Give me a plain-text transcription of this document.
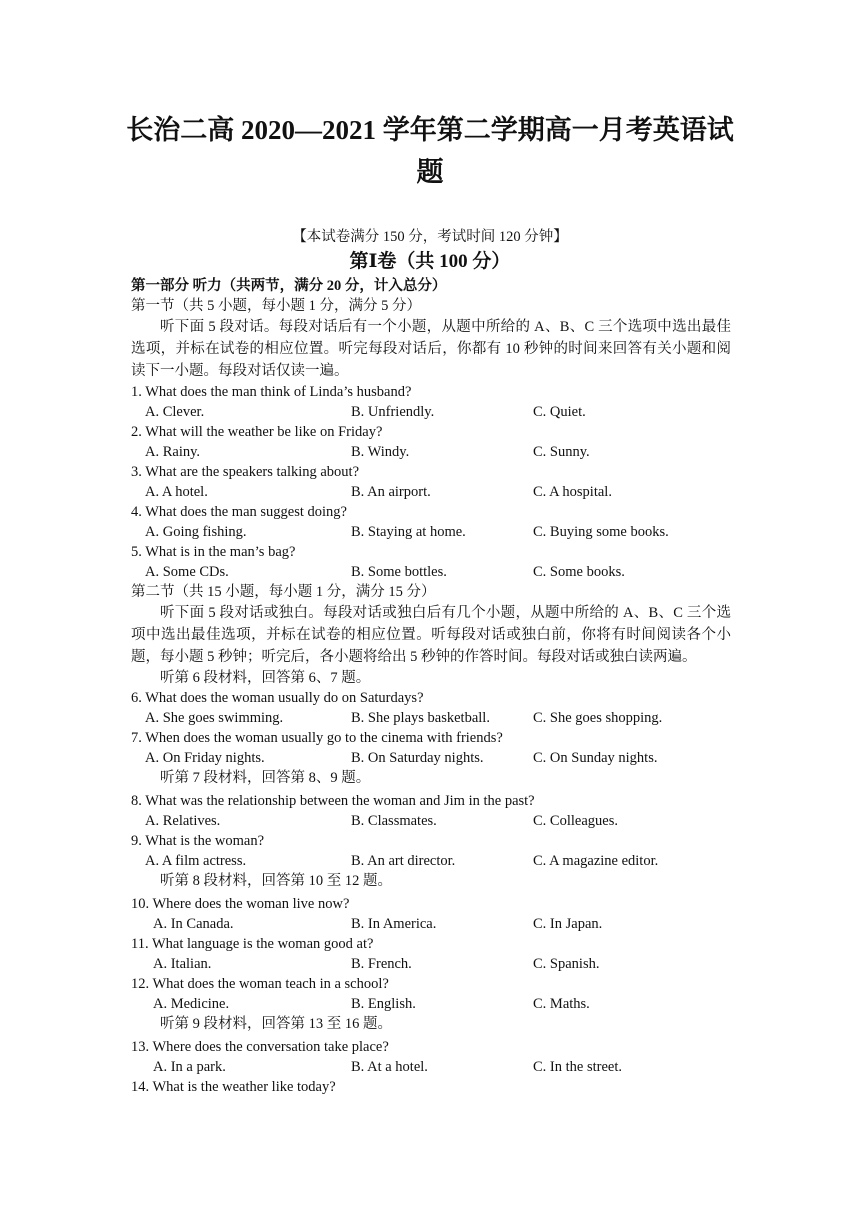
长治二高 2020—2021 学年第二学期高一月考英语试
题
【本试卷满分 150 分，考试时间 120 分钟】
第Ⅰ卷（共 100 分）
第一部分 听力（共两节，满分 20 分，计入总分）
第一节（共 5 小题，每小题 1 分，满分 5 分）

听下面 5 段对话。每段对话后有一个小题，从题中所给的 A、B、C 三个选项中选出最佳选项，并标在试卷的相应位置。听完每段对话后，你都有 10 秒钟的时间来回答有关小题和阅读下一小题。每段对话仅读一遍。

1. What does the man think of Linda’s husband?
A. Clever.	B. Unfriendly.	C. Quiet.
2. What will the weather be like on Friday?
A. Rainy.	B. Windy.	C. Sunny.
3. What are the speakers talking about?
A. A hotel.	B. An airport.	C. A hospital.
4. What does the man suggest doing?
A. Going fishing.	B. Staying at home.	C. Buying some books.
5. What is in the man’s bag?
A. Some CDs.	B. Some bottles.	C. Some books.
第二节（共 15 小题，每小题 1 分，满分 15 分）

听下面 5 段对话或独白。每段对话或独白后有几个小题，从题中所给的 A、B、C 三个选项中选出最佳选项，并标在试卷的相应位置。听每段对话或独白前，你将有时间阅读各个小题，每小题 5 秒钟；听完后，各小题将给出 5 秒钟的作答时间。每段对话或独白读两遍。

听第 6 段材料，回答第 6、7 题。
6. What does the woman usually do on Saturdays?
A. She goes swimming.	B. She plays basketball.	C. She goes shopping.
7. When does the woman usually go to the cinema with friends?
A. On Friday nights.	B. On Saturday nights.	C. On Sunday nights.
听第 7 段材料，回答第 8、9 题。
8. What was the relationship between the woman and Jim in the past?
A. Relatives.	B. Classmates.	C. Colleagues.
9. What is the woman?
A. A film actress.	B. An art director.	C. A magazine editor.
听第 8 段材料，回答第 10 至 12 题。
10. Where does the woman live now?
A. In Canada.	B. In America.	C. In Japan.
11. What language is the woman good at?
A. Italian.	B. French.	C. Spanish.
12. What does the woman teach in a school?
A. Medicine.	B. English.	C. Maths.
听第 9 段材料，回答第 13 至 16 题。
13. Where does the conversation take place?
A. In a park.	B. At a hotel.	C. In the street.
14. What is the weather like today?
